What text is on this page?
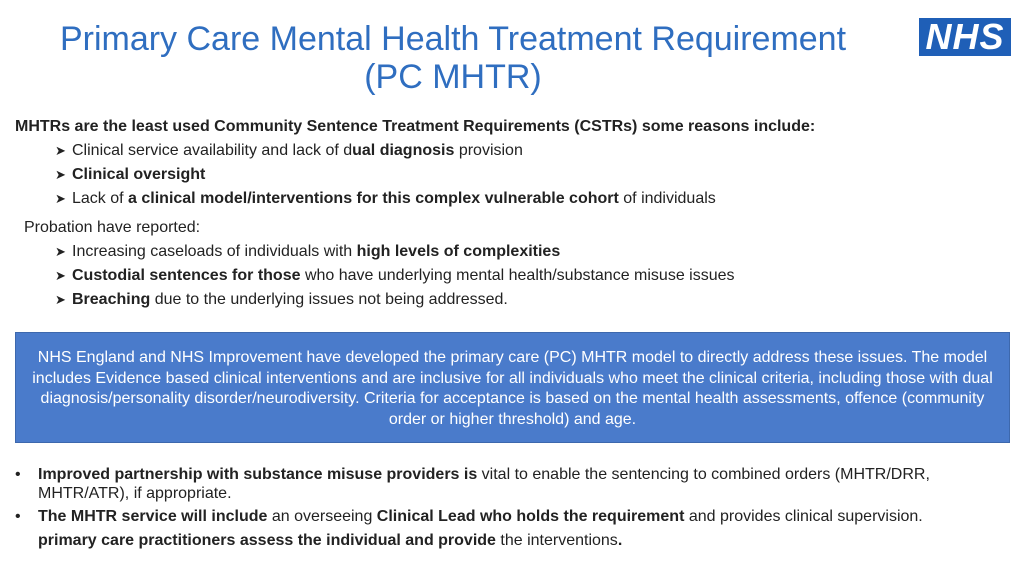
Primary Care Mental Health Treatment Requirement (PC MHTR)
NHS
MHTRs are the least used Community Sentence Treatment Requirements (CSTRs) some reasons include:
➤ Clinical service availability and lack of dual diagnosis provision
➤ Clinical oversight
➤ Lack of a clinical model/interventions for this complex vulnerable cohort of individuals
Probation have reported:
➤ Increasing caseloads of individuals with high levels of complexities
➤ Custodial sentences for those who have underlying mental health/substance misuse issues
➤ Breaching due to the underlying issues not being addressed.
NHS England and NHS Improvement have developed the primary care (PC) MHTR model to directly address these issues. The model includes Evidence based clinical interventions and are inclusive for all individuals who meet the clinical criteria, including those with dual diagnosis/personality disorder/neurodiversity. Criteria for acceptance is based on the mental health assessments, offence (community order or higher threshold) and age.
• Improved partnership with substance misuse providers is vital to enable the sentencing to combined orders (MHTR/DRR, MHTR/ATR), if appropriate.
• The MHTR service will include an overseeing Clinical Lead who holds the requirement and provides clinical supervision.
primary care practitioners assess the individual and provide the interventions.
